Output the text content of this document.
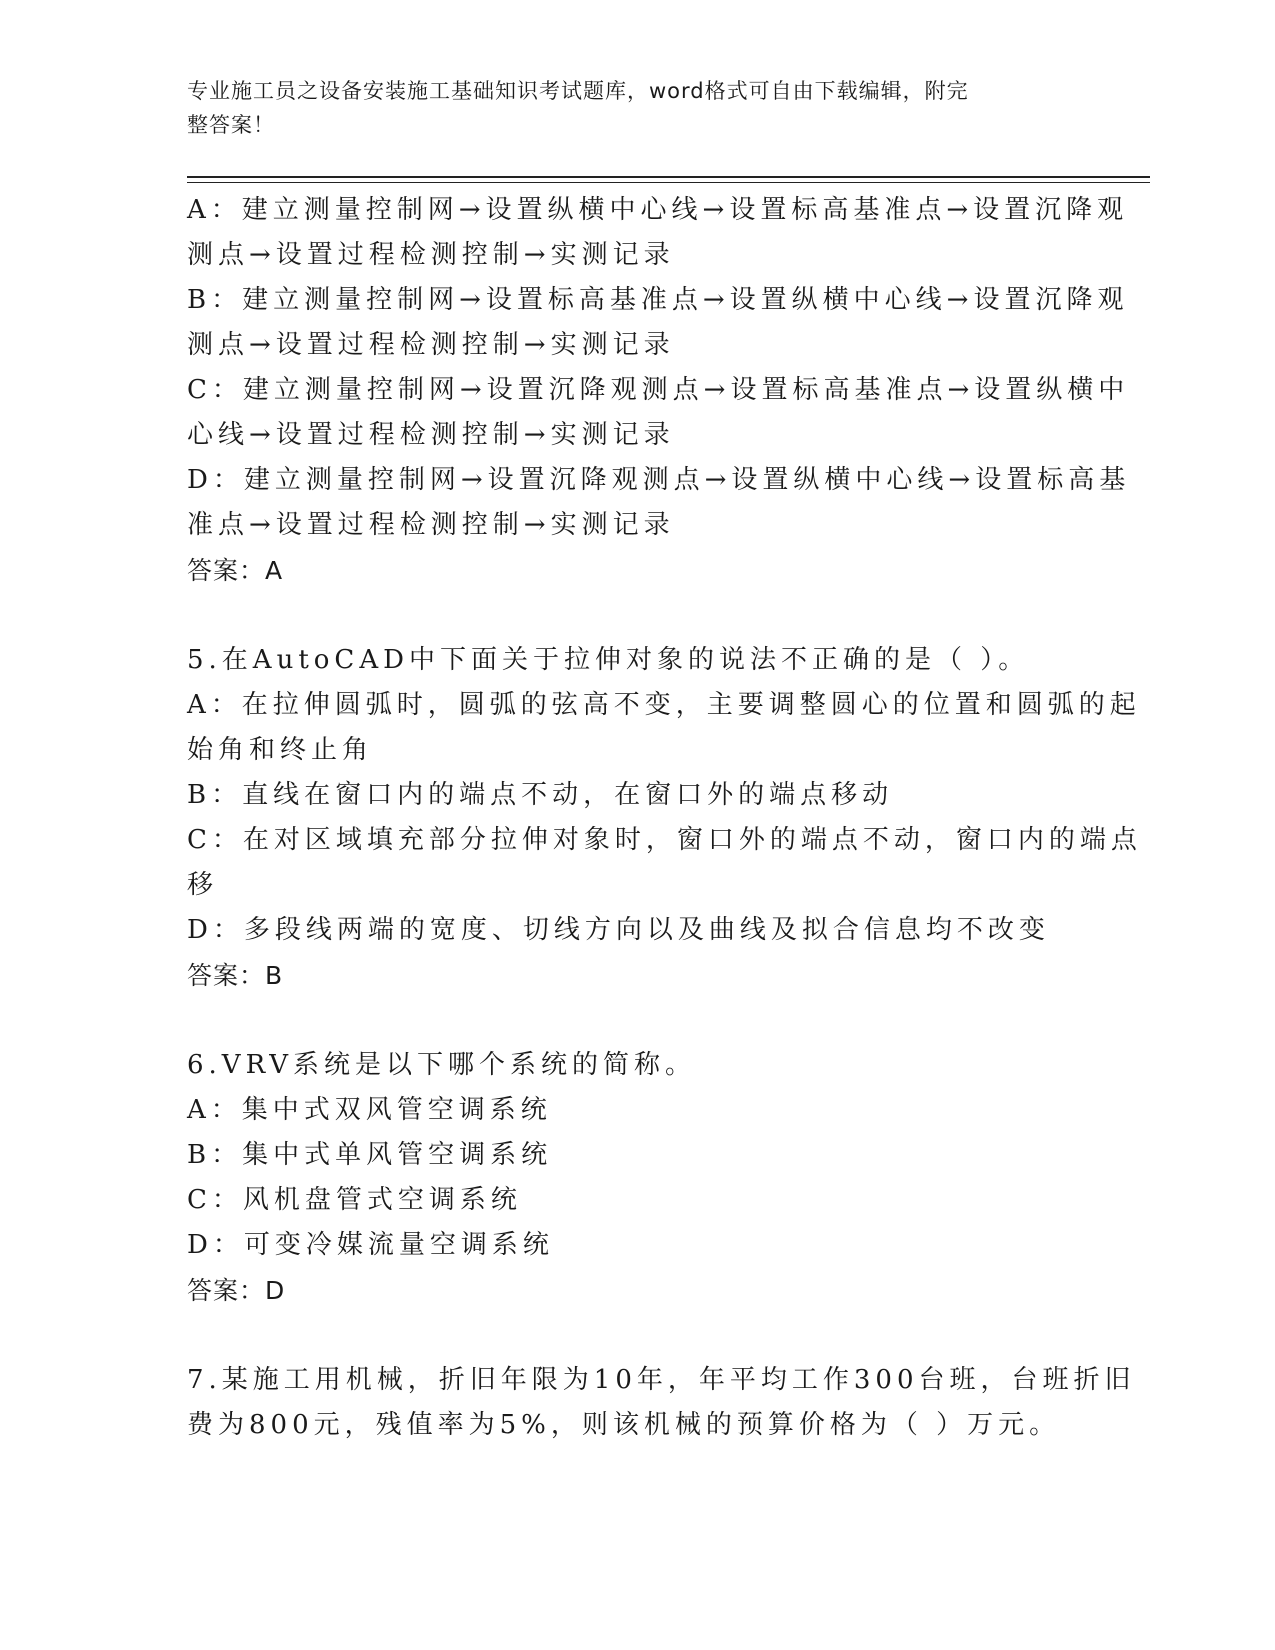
专业施工员之设备安装施工基础知识考试题库，word格式可自由下载编辑，附完
整答案！
A：建立测量控制网→设置纵横中心线→设置标高基准点→设置沉降观
测点→设置过程检测控制→实测记录
B：建立测量控制网→设置标高基准点→设置纵横中心线→设置沉降观
测点→设置过程检测控制→实测记录
C：建立测量控制网→设置沉降观测点→设置标高基准点→设置纵横中
心线→设置过程检测控制→实测记录
D：建立测量控制网→设置沉降观测点→设置纵横中心线→设置标高基
准点→设置过程检测控制→实测记录
答案：A
5.在AutoCAD中下面关于拉伸对象的说法不正确的是（ ）。
A：在拉伸圆弧时，圆弧的弦高不变，主要调整圆心的位置和圆弧的起
始角和终止角
B：直线在窗口内的端点不动，在窗口外的端点移动
C：在对区域填充部分拉伸对象时，窗口外的端点不动，窗口内的端点
移
D：多段线两端的宽度、切线方向以及曲线及拟合信息均不改变
答案：B
6.VRV系统是以下哪个系统的简称。
A：集中式双风管空调系统
B：集中式单风管空调系统
C：风机盘管式空调系统
D：可变冷媒流量空调系统
答案：D
7.某施工用机械，折旧年限为10年，年平均工作300台班，台班折旧
费为800元，残值率为5%，则该机械的预算价格为（ ）万元。
